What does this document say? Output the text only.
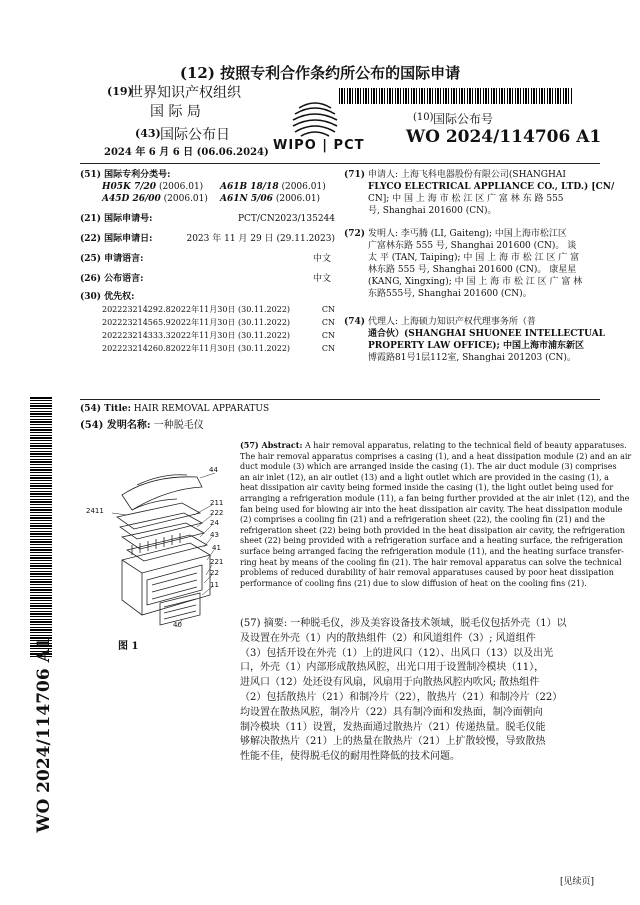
(12) 按照专利合作条约所公布的国际申请
(19)
世界知识产权组织
国 际 局
(43) 国际公布日
2024 年 6 月 6 日 (06.06.2024) WIPO | PCT
(10) 国际公布号
WO 2024/114706 A1
(51) 国际专利分类号:
H05K 7/20 (2006.01) A61B 18/18 (2006.01)
A45D 26/00 (2006.01) A61N 5/06 (2006.01)
(21) 国际申请号:	PCT/CN2023/135244
(22) 国际申请日:	2023 年 11 月 29 日 (29.11.2023)
(25) 申请语言:	中文
(26) 公布语言:	中文
(30) 优先权:
202223214292.82022年11月30日 (30.11.2022)	CN
202223214565.92022年11月30日 (30.11.2022)	CN
202223214333.32022年11月30日 (30.11.2022)	CN
202223214260.82022年11月30日 (30.11.2022)	CN
(71) 申请人: 上海飞科电器股份有限公司(SHANGHAI
FLYCO ELECTRICAL APPLIANCE CO., LTD.) [CN/
CN]; 中 国 上 海 市 松 江 区 广 富 林 东 路 555
号, Shanghai 201600 (CN)。
(72) 发明人: 李丐腾 (LI, Gaiteng); 中国上海市松江区
广富林东路 555 号, Shanghai 201600 (CN)。 谈
太 平 (TAN, Taiping); 中 国 上 海 市 松 江 区 广 富
林东路 555 号, Shanghai 201600 (CN)。 康星星
(KANG, Xingxing); 中 国 上 海 市 松 江 区 广 富 林
东路555号, Shanghai 201600 (CN)。
(74) 代理人: 上海硕力知识产权代理事务所（普
通合伙）(SHANGHAI SHUONEE INTELLECTUAL
PROPERTY LAW OFFICE); 中国上海市浦东新区
博霞路81号1层112室, Shanghai 201203 (CN)。
(54) Title: HAIR REMOVAL APPARATUS
(54) 发明名称: 一种脱毛仪
44
2411
211
222
24
43
41
221
22
11
40
图 1
(57) Abstract: A hair removal apparatus, relating to the technical field of beauty apparatuses.
The hair removal apparatus comprises a casing (1), and a heat dissipation module (2) and an air
duct module (3) which are arranged inside the casing (1). The air duct module (3) comprises
an air inlet (12), an air outlet (13) and a light outlet which are provided in the casing (1), a
heat dissipation air cavity being formed inside the casing (1), the light outlet being used for
arranging a refrigeration module (11), a fan being further provided at the air inlet (12), and the
fan being used for blowing air into the heat dissipation air cavity. The heat dissipation module
(2) comprises a cooling fin (21) and a refrigeration sheet (22), the cooling fin (21) and the
refrigeration sheet (22) being both provided in the heat dissipation air cavity, the refrigeration
sheet (22) being provided with a refrigeration surface and a heating surface, the refrigeration
surface being arranged facing the refrigeration module (11), and the heating surface transfer-
ring heat by means of the cooling fin (21). The hair removal apparatus can solve the technical
problems of reduced durability of hair removal apparatuses caused by poor heat dissipation
performance of cooling fins (21) due to slow diffusion of heat on the cooling fins (21).
(57) 摘要: 一种脱毛仪，涉及美容设备技术领域，脱毛仪包括外壳（1）以
及设置在外壳（1）内的散热组件（2）和风道组件（3）; 风道组件
（3）包括开设在外壳（1）上的进风口（12）、出风口（13）以及出光
口，外壳（1）内部形成散热风腔，出光口用于设置制冷模块（11），
进风口（12）处还设有风扇，风扇用于向散热风腔内吹风; 散热组件
（2）包括散热片（21）和制冷片（22），散热片（21）和制冷片（22）
均设置在散热风腔，制冷片（22）具有制冷面和发热面，制冷面朝向
制冷模块（11）设置，发热面通过散热片（21）传递热量。脱毛仪能
够解决散热片（21）上的热量在散热片（21）上扩散较慢，导致散热
性能不佳，使得脱毛仪的耐用性降低的技术问题。
WO 2024/114706 A1
[见续页]
